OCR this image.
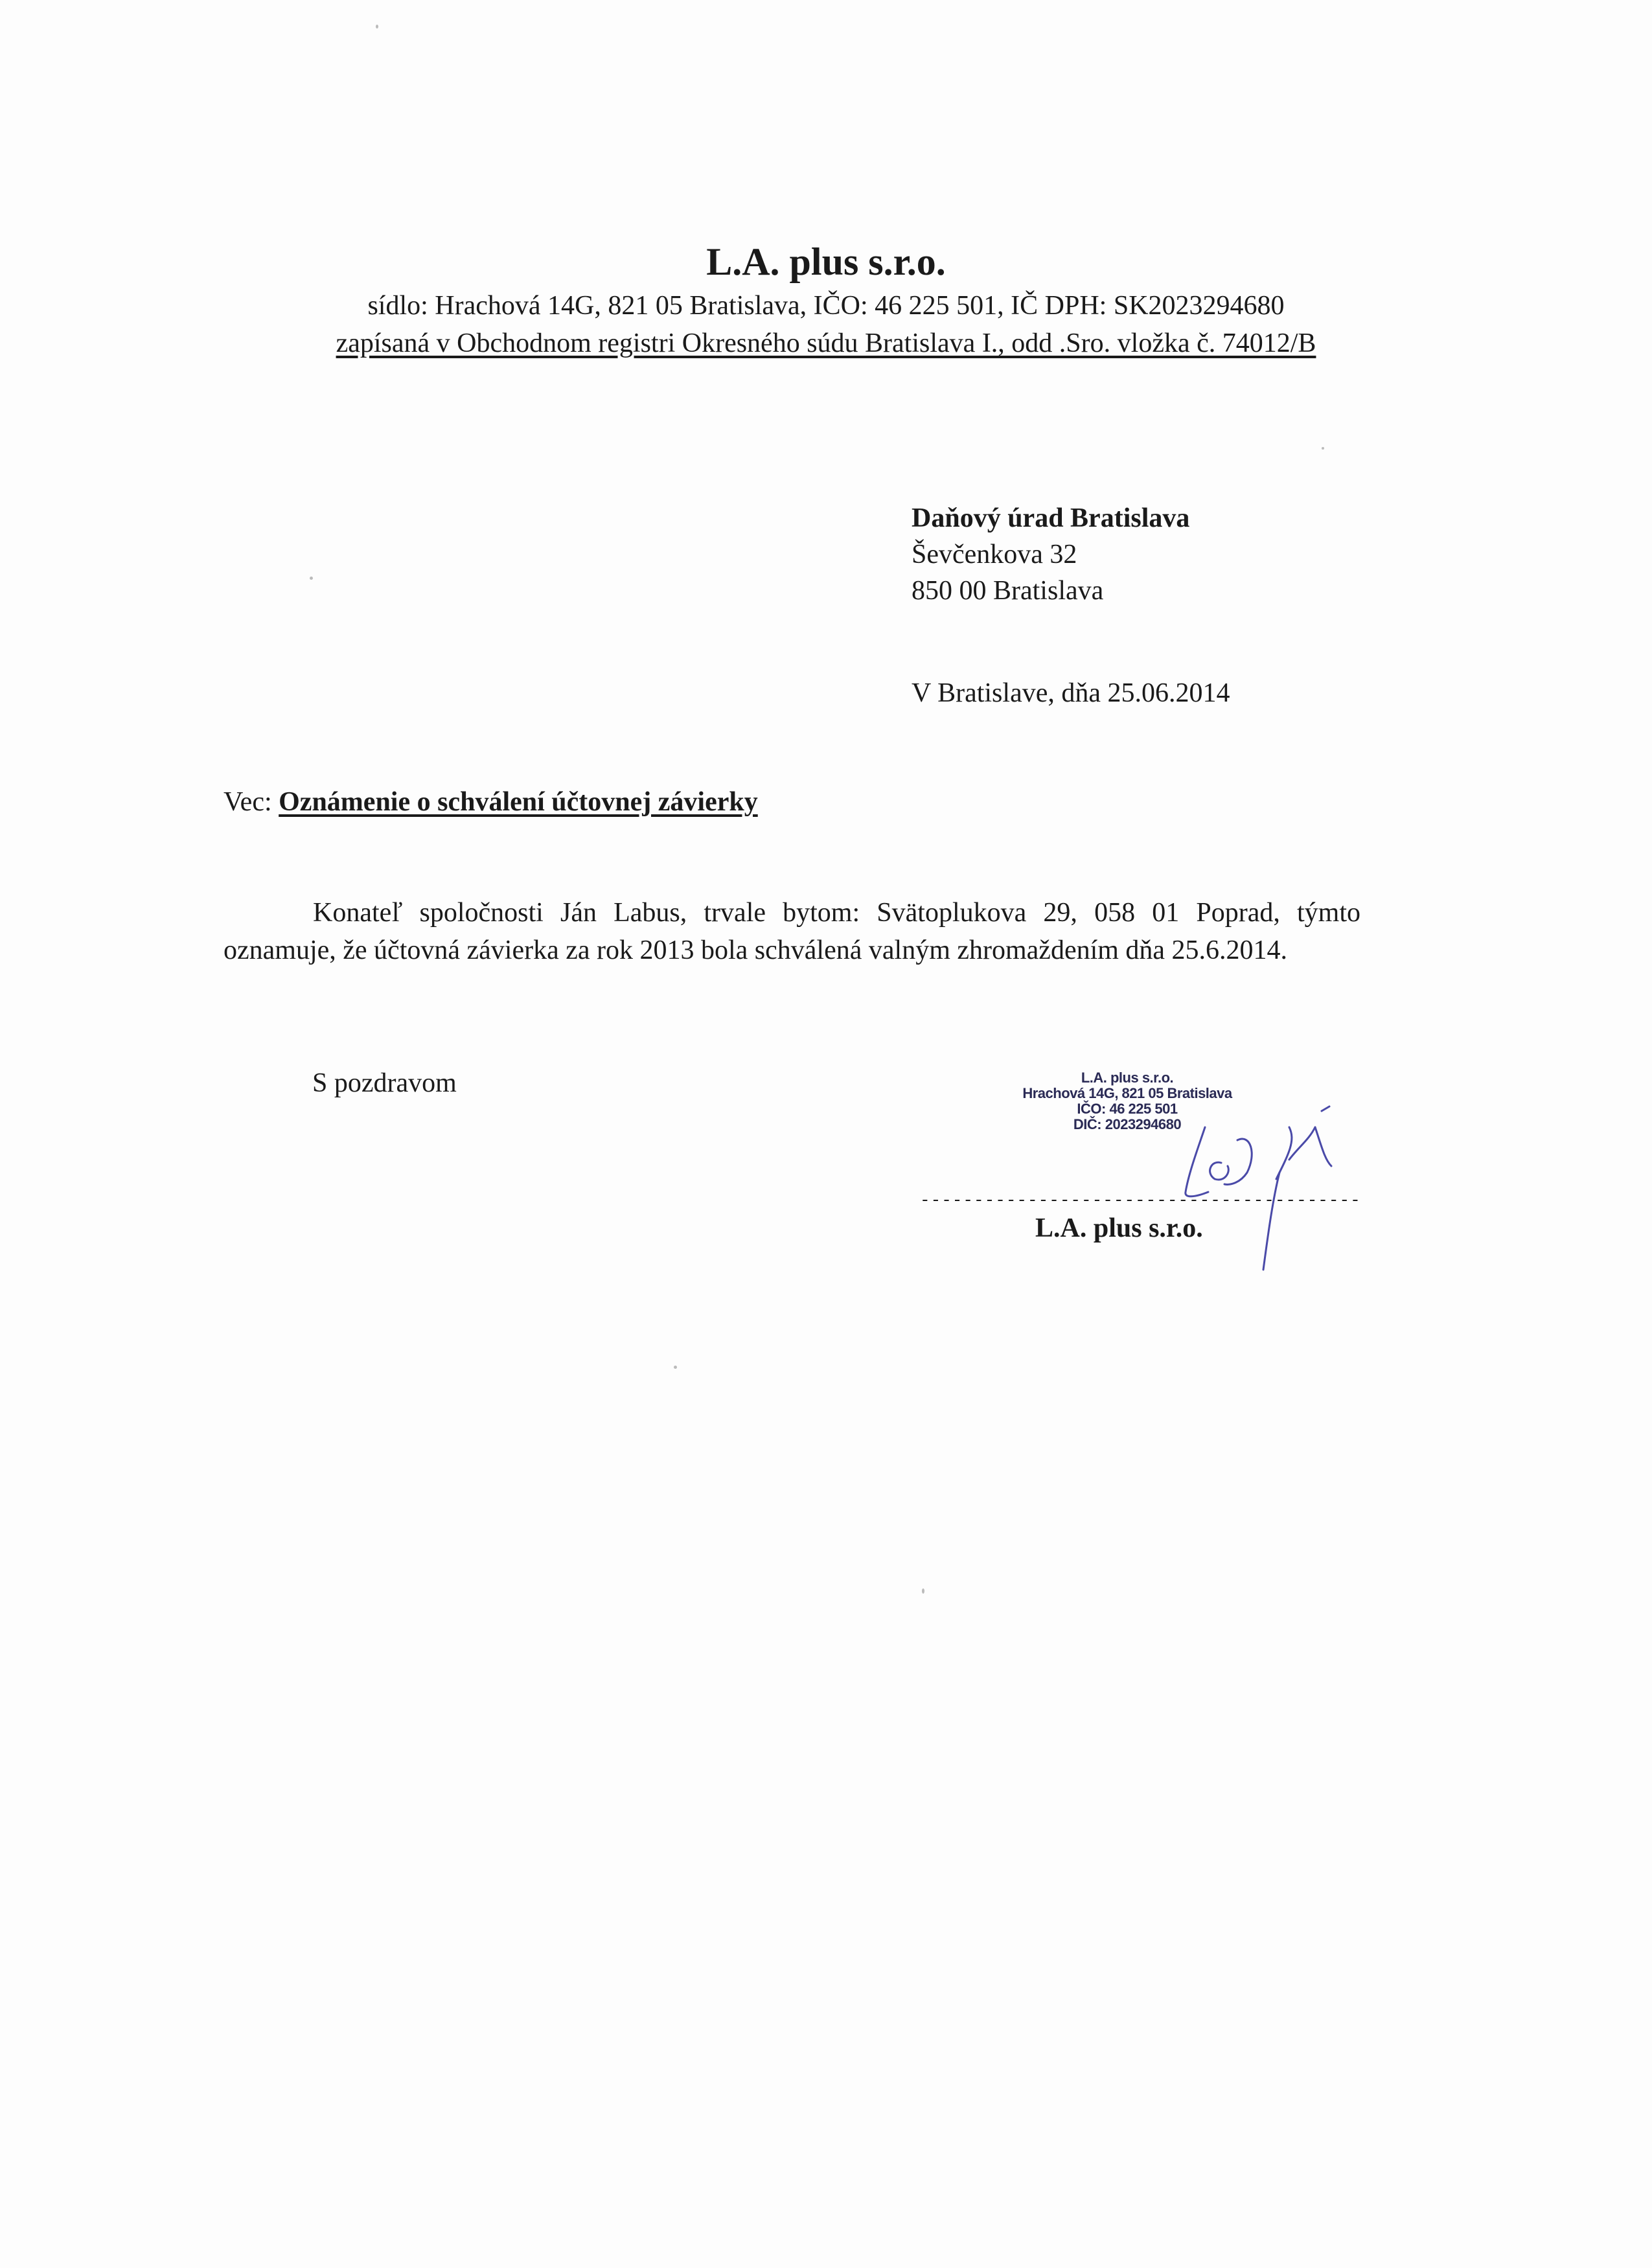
L.A. plus s.r.o.
sídlo: Hrachová 14G, 821 05 Bratislava, IČO: 46 225 501, IČ DPH: SK2023294680
zapísaná v Obchodnom registri Okresného súdu Bratislava I., odd .Sro. vložka č. 74012/B
Daňový úrad Bratislava
Ševčenkova 32
850 00 Bratislava
V Bratislave, dňa 25.06.2014
Vec: Oznámenie o schválení účtovnej závierky
Konateľ spoločnosti Ján Labus, trvale bytom: Svätoplukova 29, 058 01 Poprad, týmto oznamuje, že účtovná závierka za rok 2013 bola schválená valným zhromaždením dňa 25.6.2014.
S pozdravom	L.A. plus s.r.o.
Hrachová 14G, 821 05 Bratislava
IČO: 46 225 501
DIČ: 2023294680
-----------------------------------------
L.A. plus s.r.o.
